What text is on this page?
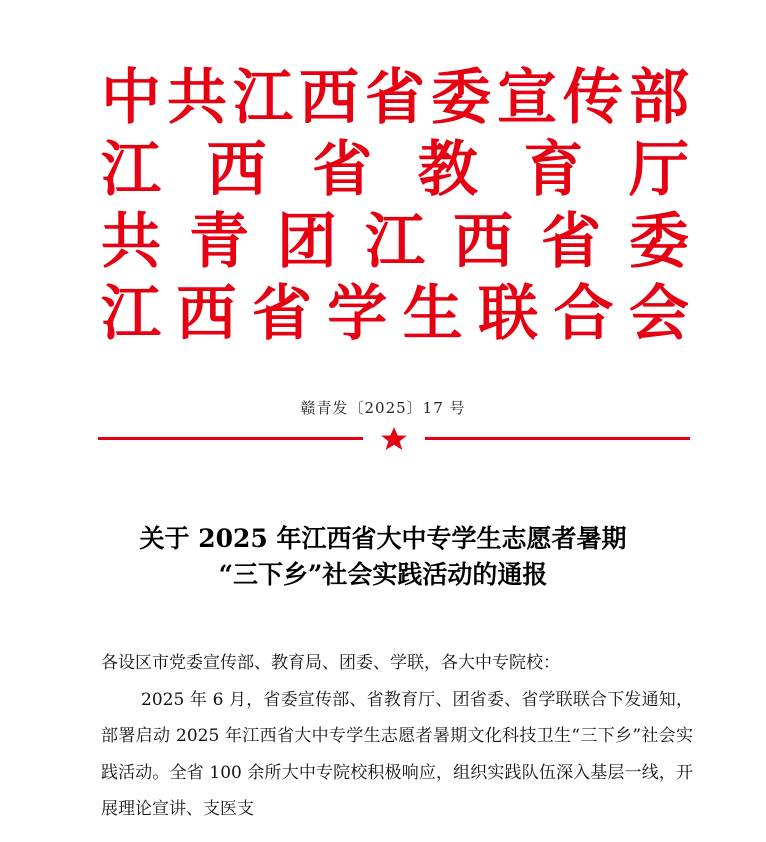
中 共 江 西 省 委 宣 传 部
江 西 省 教 育 厅
共 青 团 江 西 省 委
江 西 省 学 生 联 合 会
赣青发〔2025〕17 号
关于 2025 年江西省大中专学生志愿者暑期
“三下乡”社会实践活动的通报

各设区市党委宣传部、教育局、团委、学联，各大中专院校：

2025 年 6 月，省委宣传部、省教育厅、团省委、省学联联合下发通知，部署启动 2025 年江西省大中专学生志愿者暑期文化科技卫生“三下乡”社会实践活动。全省 100 余所大中专院校积极响应，组织实践队伍深入基层一线，开展理论宣讲、支医支
